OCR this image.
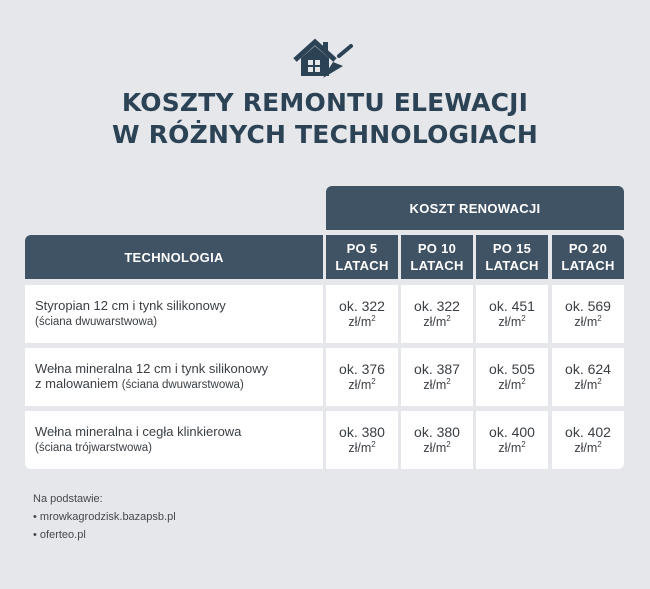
KOSZTY REMONTU ELEWACJI
W RÓŻNYCH TECHNOLOGIACH
KOSZT RENOWACJI
TECHNOLOGIA
PO 5
LATACH
PO 10
LATACH
PO 15
LATACH
PO 20
LATACH
Styropian 12 cm i tynk silikonowy
(ściana dwuwarstwowa)
ok. 322
$zł/m^2$
ok. 322
$zł/m^2$
ok. 451
$zł/m^2$
ok. 569
$zł/m^2$
Wełna mineralna 12 cm i tynk silikonowy
z malowaniem (ściana dwuwarstwowa)
ok. 376
$zł/m^2$
ok. 387
$zł/m^2$
ok. 505
$zł/m^2$
ok. 624
$zł/m^2$
Wełna mineralna i cegła klinkierowa
(ściana trójwarstwowa)
ok. 380
$zł/m^2$
ok. 380
$zł/m^2$
ok. 400
$zł/m^2$
ok. 402
$zł/m^2$
Na podstawie:
• mrowkagrodzisk.bazapsb.pl
• oferteo.pl
